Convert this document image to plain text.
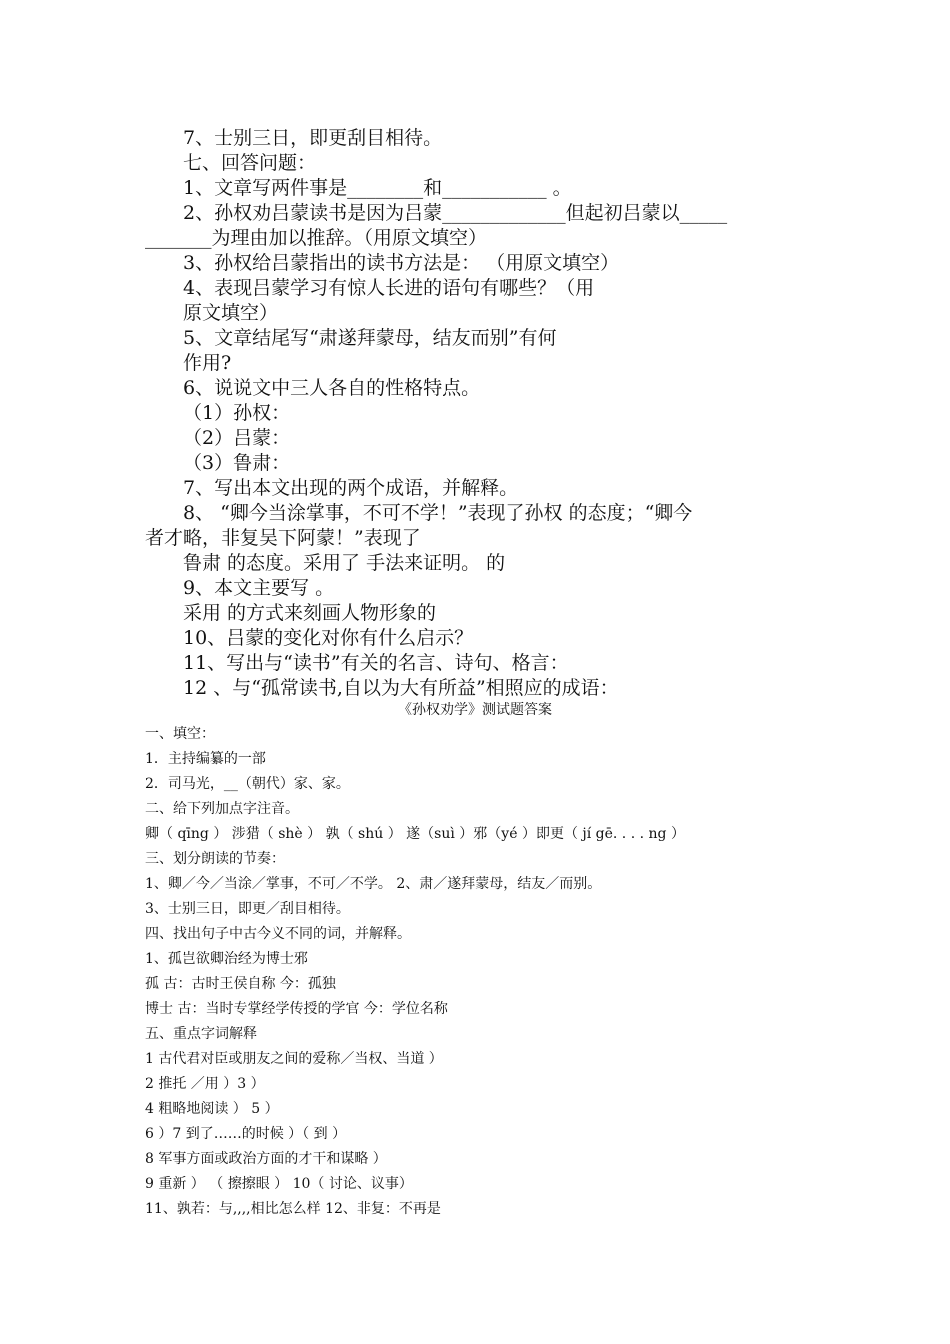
7、士别三日，即更刮目相待。
七、回答问题：
1、文章写两件事是________和___________ 。
2、孙权劝吕蒙读书是因为吕蒙_____________但起初吕蒙以_____
_______为理由加以推辞。（用原文填空）
3、孙权给吕蒙指出的读书方法是： （用原文填空）
4、表现吕蒙学习有惊人长进的语句有哪些？（用
原文填空）
5、文章结尾写“肃遂拜蒙母，结友而别”有何
作用?
6、说说文中三人各自的性格特点。
（1）孙权：
（2）吕蒙：
（3）鲁肃：
7、写出本文出现的两个成语，并解释。
8、 “卿今当涂掌事，不可不学！”表现了孙权 的态度；“卿今
者才略，非复吴下阿蒙！”表现了
鲁肃 的态度。采用了 手法来证明。 的
9、本文主要写 。
采用 的方式来刻画人物形象的
10、吕蒙的变化对你有什么启示？
11、写出与“读书”有关的名言、诗句、格言：
12 、与“孤常读书,自以为大有所益”相照应的成语：
《孙权劝学》测试题答案
一、填空：
1．主持编纂的一部
2．司马光，__（朝代）家、家。
二、给下列加点字注音。
卿（ qīng ） 涉猎（ shè ） 孰（ shú ） 遂（suì ）邪（yé ）即更（ jí gē. . . . ng ）
三、划分朗读的节奏：
1、卿／今／当涂／掌事，不可／不学。 2、肃／遂拜蒙母，结友／而别。
3、士别三日，即更／刮目相待。
四、找出句子中古今义不同的词，并解释。
1、孤岂欲卿治经为博士邪
孤 古：古时王侯自称 今：孤独
博士 古：当时专掌经学传授的学官 今：学位名称
五、重点字词解释
1 古代君对臣或朋友之间的爱称／当权、当道 ）
2 推托 ／用 ）3 ）
4 粗略地阅读 ） 5 ）
6 ）7 到了……的时候 ）（ 到 ）
8 军事方面或政治方面的才干和谋略 ）
9 重新 ） （ 擦擦眼 ） 10（ 讨论、议事）
11、孰若：与,,,,相比怎么样 12、非复：不再是
